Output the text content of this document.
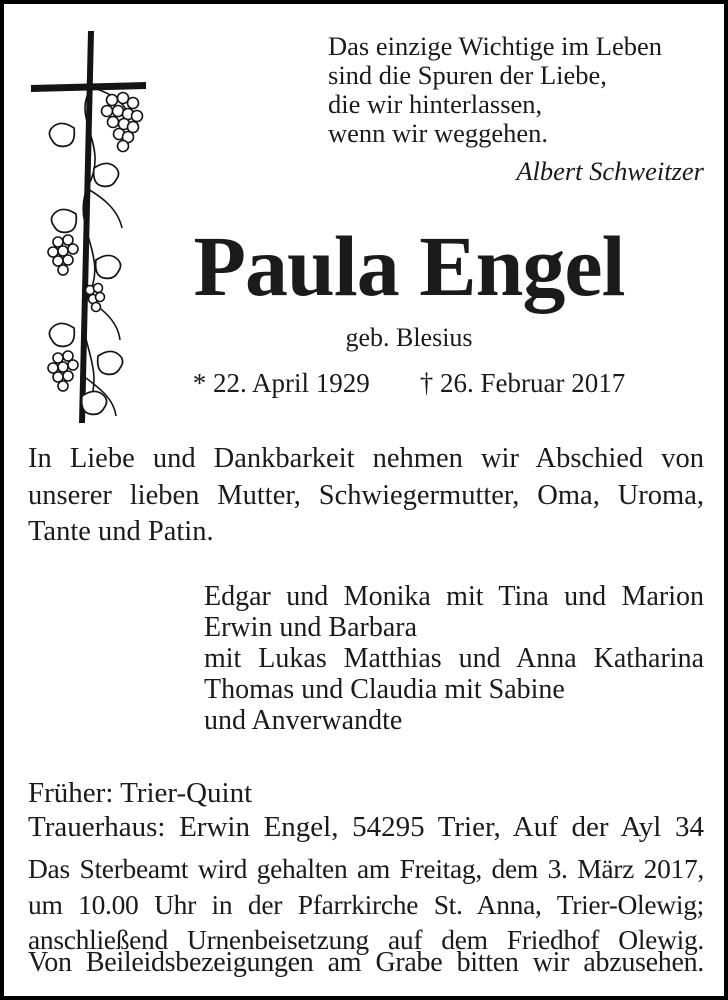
Das einzige Wichtige im Leben
sind die Spuren der Liebe,
die wir hinterlassen,
wenn wir weggehen.
Albert Schweitzer
Paula Engel
geb. Blesius
* 22. April 1929 † 26. Februar 2017
In Liebe und Dankbarkeit nehmen wir Abschied von
unserer lieben Mutter, Schwiegermutter, Oma, Uroma,
Tante und Patin.
Edgar und Monika mit Tina und Marion
Erwin und Barbara
mit Lukas Matthias und Anna Katharina
Thomas und Claudia mit Sabine
und Anverwandte
Früher: Trier-Quint
Trauerhaus: Erwin Engel, 54295 Trier, Auf der Ayl 34
Das Sterbeamt wird gehalten am Freitag, dem 3. März 2017,
um 10.00 Uhr in der Pfarrkirche St. Anna, Trier-Olewig;
anschließend Urnenbeisetzung auf dem Friedhof Olewig.
Von Beileidsbezeigungen am Grabe bitten wir abzusehen.
